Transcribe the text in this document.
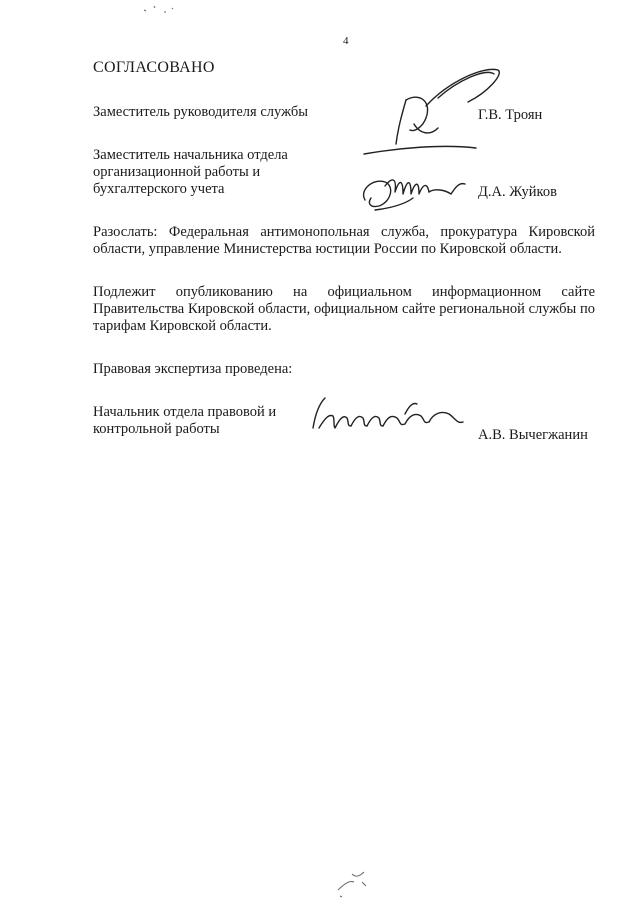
4
СОГЛАСОВАНО
Заместитель руководителя службы	Г.В. Троян
Заместитель начальника отдела организационной работы и бухгалтерского учета	Д.А. Жуйков
Разослать: Федеральная антимонопольная служба, прокуратура Кировской области, управление Министерства юстиции России по Кировской области.
Подлежит опубликованию на официальном информационном сайте Правительства Кировской области, официальном сайте региональной службы по тарифам Кировской области.
Правовая экспертиза проведена:
Начальник отдела правовой и контрольной работы	А.В. Вычегжанин
